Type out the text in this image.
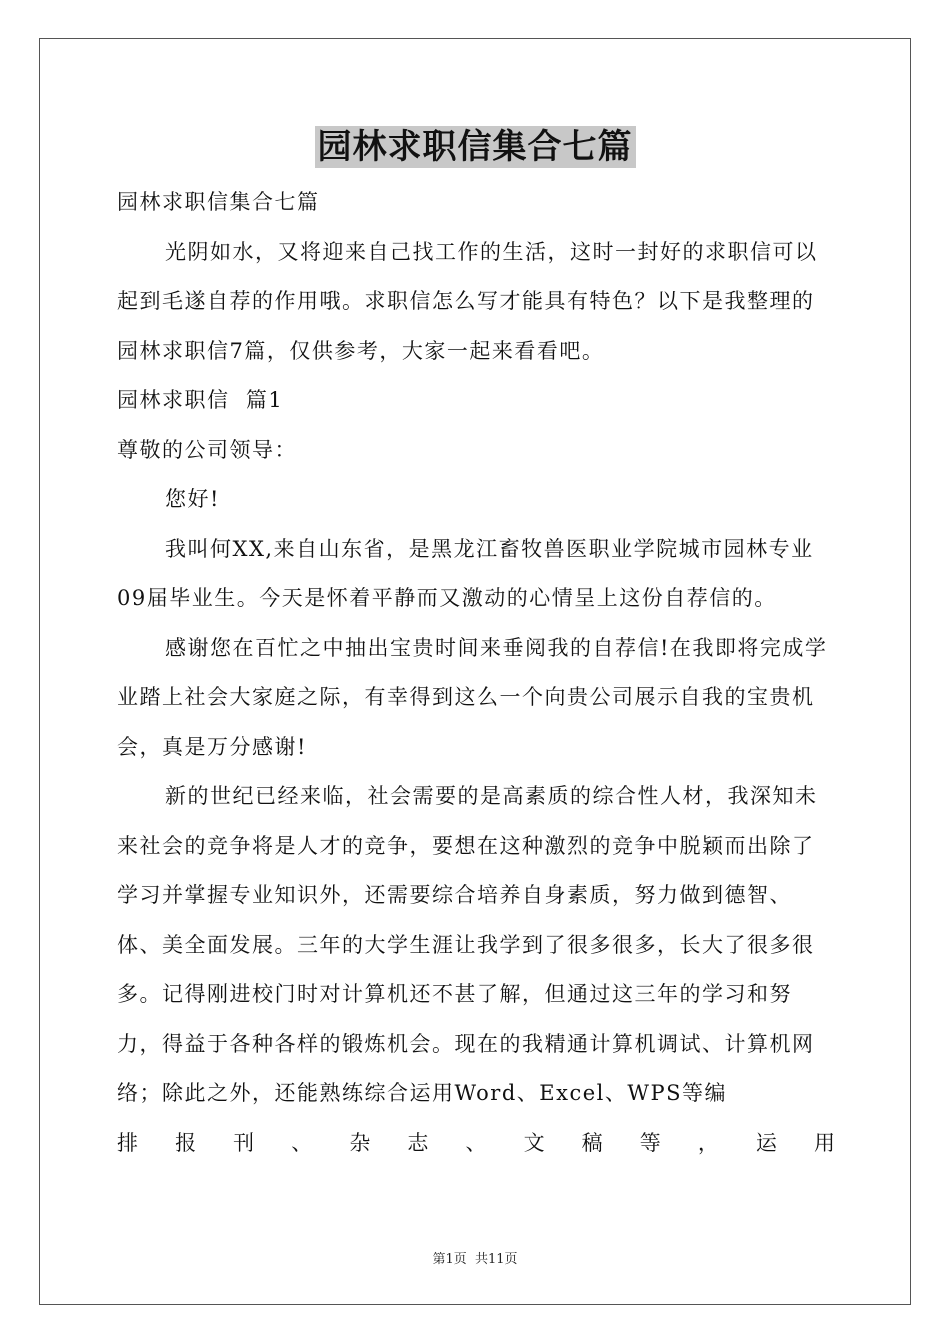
园林求职信集合七篇

园林求职信集合七篇

光阴如水，又将迎来自己找工作的生活，这时一封好的求职信可以起到毛遂自荐的作用哦。求职信怎么写才能具有特色？以下是我整理的园林求职信7篇，仅供参考，大家一起来看看吧。

园林求职信  篇1

尊敬的公司领导：

您好!

我叫何XX,来自山东省，是黑龙江畜牧兽医职业学院城市园林专业09届毕业生。今天是怀着平静而又激动的心情呈上这份自荐信的。

感谢您在百忙之中抽出宝贵时间来垂阅我的自荐信!在我即将完成学业踏上社会大家庭之际，有幸得到这么一个向贵公司展示自我的宝贵机会，真是万分感谢!

新的世纪已经来临，社会需要的是高素质的综合性人材，我深知未来社会的竞争将是人才的竞争，要想在这种激烈的竞争中脱颖而出除了学习并掌握专业知识外，还需要综合培养自身素质，努力做到德智、体、美全面发展。三年的大学生涯让我学到了很多很多，长大了很多很多。记得刚进校门时对计算机还不甚了解，但通过这三年的学习和努力，得益于各种各样的锻炼机会。现在的我精通计算机调试、计算机网络；除此之外，还能熟练综合运用Word、Excel、WPS等编

排报刊、杂志、文稿等，运用

第1页  共11页
